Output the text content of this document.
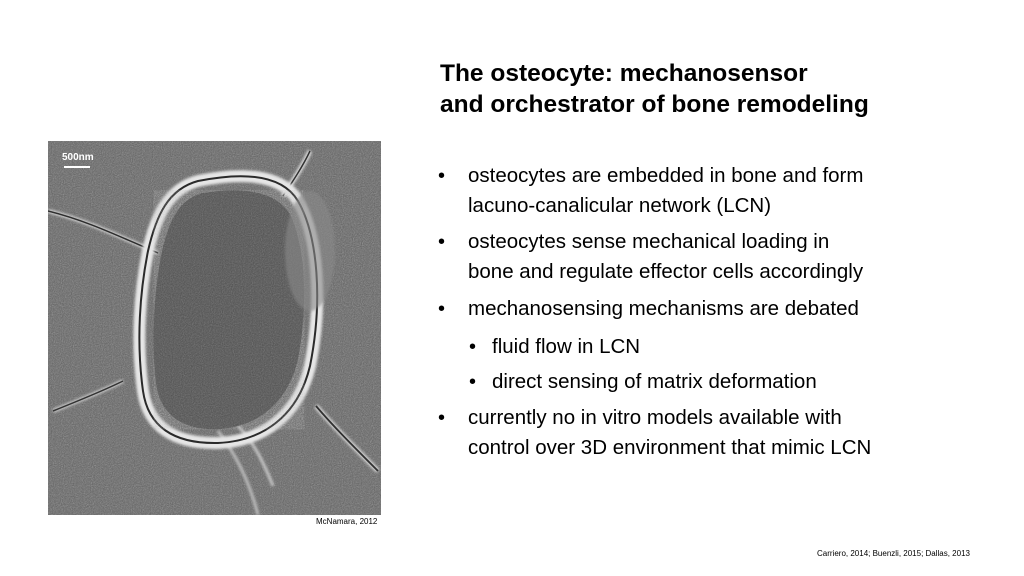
500nm
McNamara, 2012
The osteocyte: mechanosensor
and orchestrator of bone remodeling
• osteocytes are embedded in bone and form
lacuno-canalicular network (LCN)
• osteocytes sense mechanical loading in
bone and regulate effector cells accordingly
• mechanosensing mechanisms are debated
• fluid flow in LCN
• direct sensing of matrix deformation
• currently no in vitro models available with
control over 3D environment that mimic LCN
Carriero, 2014; Buenzli, 2015; Dallas, 2013
